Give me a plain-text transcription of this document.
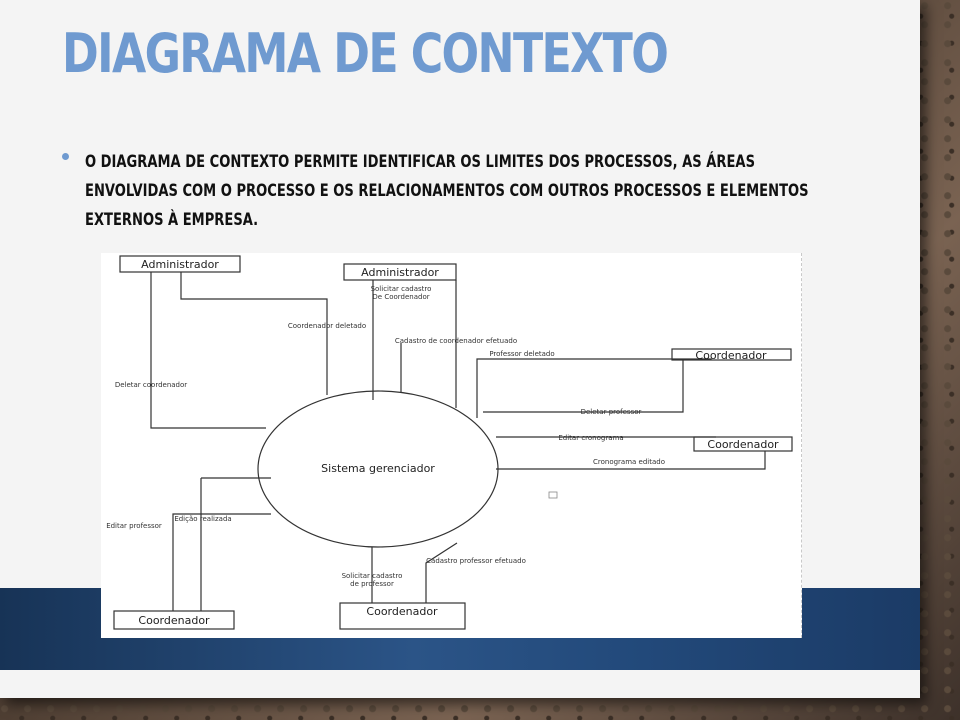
DIAGRAMA DE CONTEXTO

O DIAGRAMA DE CONTEXTO PERMITE IDENTIFICAR OS LIMITES DOS PROCESSOS, AS ÁREAS ENVOLVIDAS COM O PROCESSO E OS RELACIONAMENTOS COM OUTROS PROCESSOS E ELEMENTOS EXTERNOS À EMPRESA.

Administrador
Administrador
Coordenador
Coordenador
Coordenador
Coordenador
Sistema gerenciador
Solicitar cadastro
De Coordenador
Coordenador deletado
Cadastro de coordenador efetuado
Deletar coordenador
Professor deletado
Deletar professor
Editar cronograma
Cronograma editado
Editar professor
Edição realizada
Cadastro professor efetuado
Solicitar cadastro
de professor
